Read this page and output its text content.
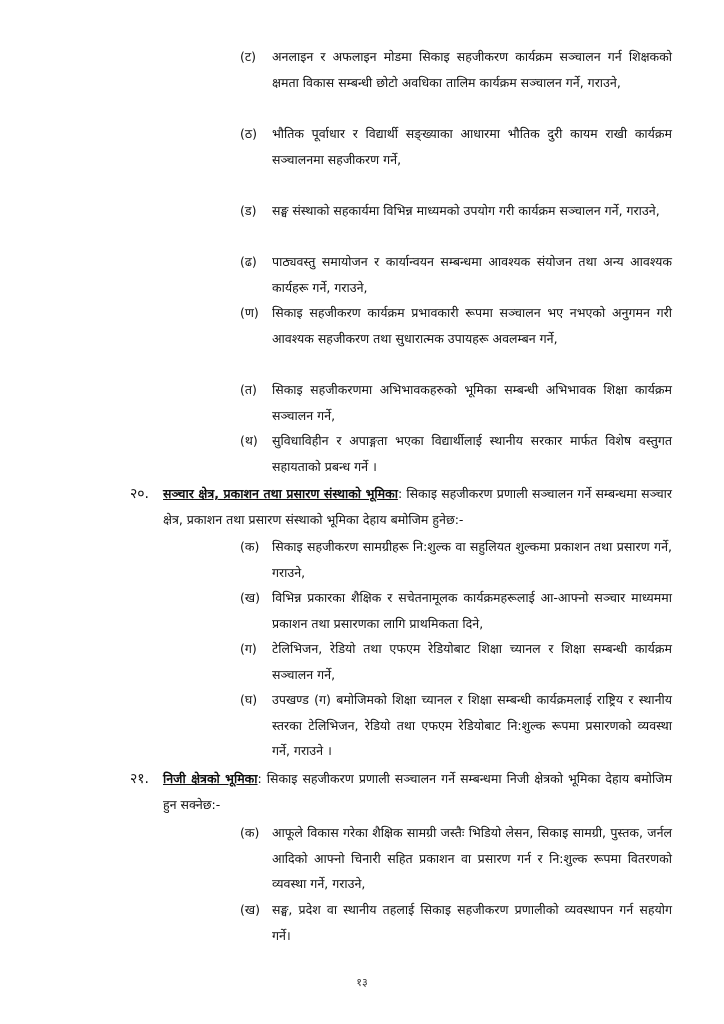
(ट) अनलाइन र अफलाइन मोडमा सिकाइ सहजीकरण कार्यक्रम सञ्चालन गर्न शिक्षकको क्षमता विकास सम्बन्धी छोटो अवधिका तालिम कार्यक्रम सञ्चालन गर्ने, गराउने,
(ठ) भौतिक पूर्वाधार र विद्यार्थी सङ्ख्याका आधारमा भौतिक दुरी कायम राखी कार्यक्रम सञ्चालनमा सहजीकरण गर्ने,
(ड) सङ्घ संस्थाको सहकार्यमा विभिन्न माध्यमको उपयोग गरी कार्यक्रम सञ्चालन गर्ने, गराउने,
(ढ) पाठ्यवस्तु समायोजन र कार्यान्वयन सम्बन्धमा आवश्यक संयोजन तथा अन्य आवश्यक कार्यहरू गर्ने, गराउने,
(ण) सिकाइ सहजीकरण कार्यक्रम प्रभावकारी रूपमा सञ्चालन भए नभएको अनुगमन गरी आवश्यक सहजीकरण तथा सुधारात्मक उपायहरू अवलम्बन गर्ने,
(त) सिकाइ सहजीकरणमा अभिभावकहरुको भूमिका सम्बन्धी अभिभावक शिक्षा कार्यक्रम सञ्चालन गर्ने,
(थ) सुविधाविहीन र अपाङ्गता भएका विद्यार्थीलाई स्थानीय सरकार मार्फत विशेष वस्तुगत सहायताको प्रबन्ध गर्ने ।
२०. सञ्चार क्षेत्र, प्रकाशन तथा प्रसारण संस्थाको भूमिका: सिकाइ सहजीकरण प्रणाली सञ्चालन गर्ने सम्बन्धमा सञ्चार क्षेत्र, प्रकाशन तथा प्रसारण संस्थाको भूमिका देहाय बमोजिम हुनेछ:-
(क) सिकाइ सहजीकरण सामग्रीहरू नि:शुल्क वा सहुलियत शुल्कमा प्रकाशन तथा प्रसारण गर्ने, गराउने,
(ख) विभिन्न प्रकारका शैक्षिक र सचेतनामूलक कार्यक्रमहरूलाई आ-आफ्नो सञ्चार माध्यममा प्रकाशन तथा प्रसारणका लागि प्राथमिकता दिने,
(ग) टेलिभिजन, रेडियो तथा एफएम रेडियोबाट शिक्षा च्यानल र शिक्षा सम्बन्धी कार्यक्रम सञ्चालन गर्ने,
(घ) उपखण्ड (ग) बमोजिमको शिक्षा च्यानल र शिक्षा सम्बन्धी कार्यक्रमलाई राष्ट्रिय र स्थानीय स्तरका टेलिभिजन, रेडियो तथा एफएम रेडियोबाट नि:शुल्क रूपमा प्रसारणको व्यवस्था गर्ने, गराउने ।
२१. निजी क्षेत्रको भूमिका: सिकाइ सहजीकरण प्रणाली सञ्चालन गर्ने सम्बन्धमा निजी क्षेत्रको भूमिका देहाय बमोजिम हुन सक्नेछ:-
(क) आफूले विकास गरेका शैक्षिक सामग्री जस्तैः भिडियो लेसन, सिकाइ सामग्री, पुस्तक, जर्नल आदिको आफ्नो चिनारी सहित प्रकाशन वा प्रसारण गर्न र नि:शुल्क रूपमा वितरणको व्यवस्था गर्ने, गराउने,
(ख) सङ्घ, प्रदेश वा स्थानीय तहलाई सिकाइ सहजीकरण प्रणालीको व्यवस्थापन गर्न सहयोग गर्ने।
१३
